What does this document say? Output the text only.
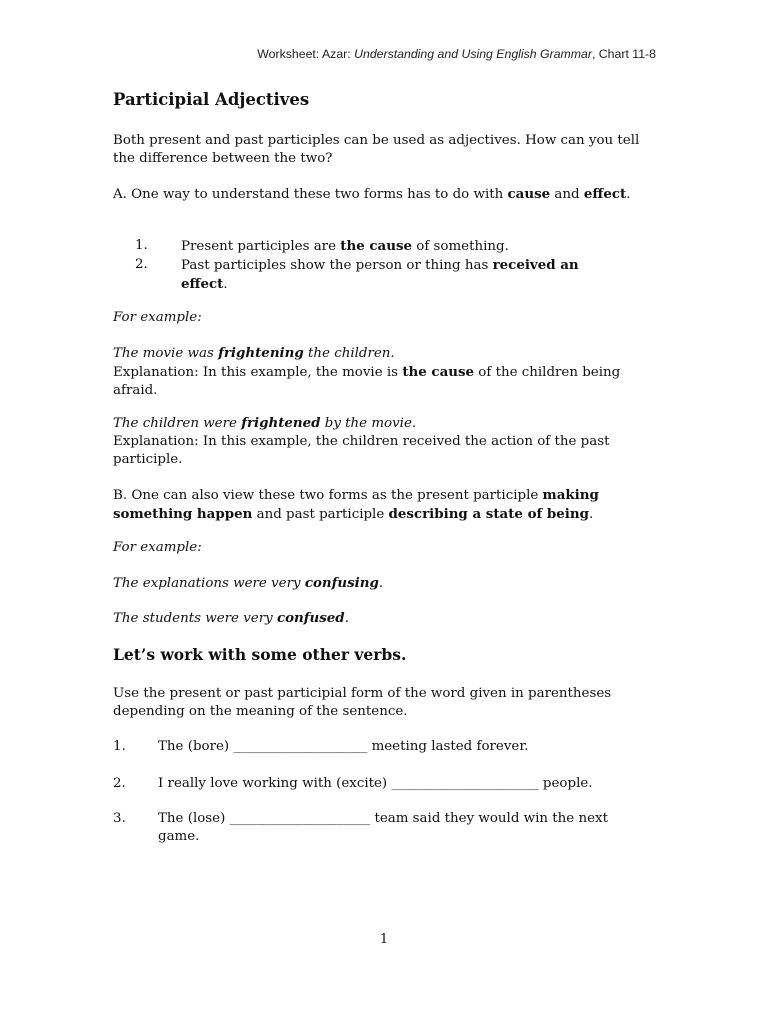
Worksheet: Azar: Understanding and Using English Grammar, Chart 11-8
Participial Adjectives

Both present and past participles can be used as adjectives. How can you tell the difference between the two?

A. One way to understand these two forms has to do with cause and effect.

1. Present participles are the cause of something.
2. Past participles show the person or thing has received an effect.

For example:

The movie was frightening the children.
Explanation: In this example, the movie is the cause of the children being afraid.

The children were frightened by the movie.
Explanation: In this example, the children received the action of the past participle.

B. One can also view these two forms as the present participle making something happen and past participle describing a state of being.

For example:

The explanations were very confusing.

The students were very confused.

Let’s work with some other verbs.

Use the present or past participial form of the word given in parentheses depending on the meaning of the sentence.

1. The (bore) ____________________ meeting lasted forever.
2. I really love working with (excite) ______________________ people.
3. The (lose) _____________________ team said they would win the next game.
1
